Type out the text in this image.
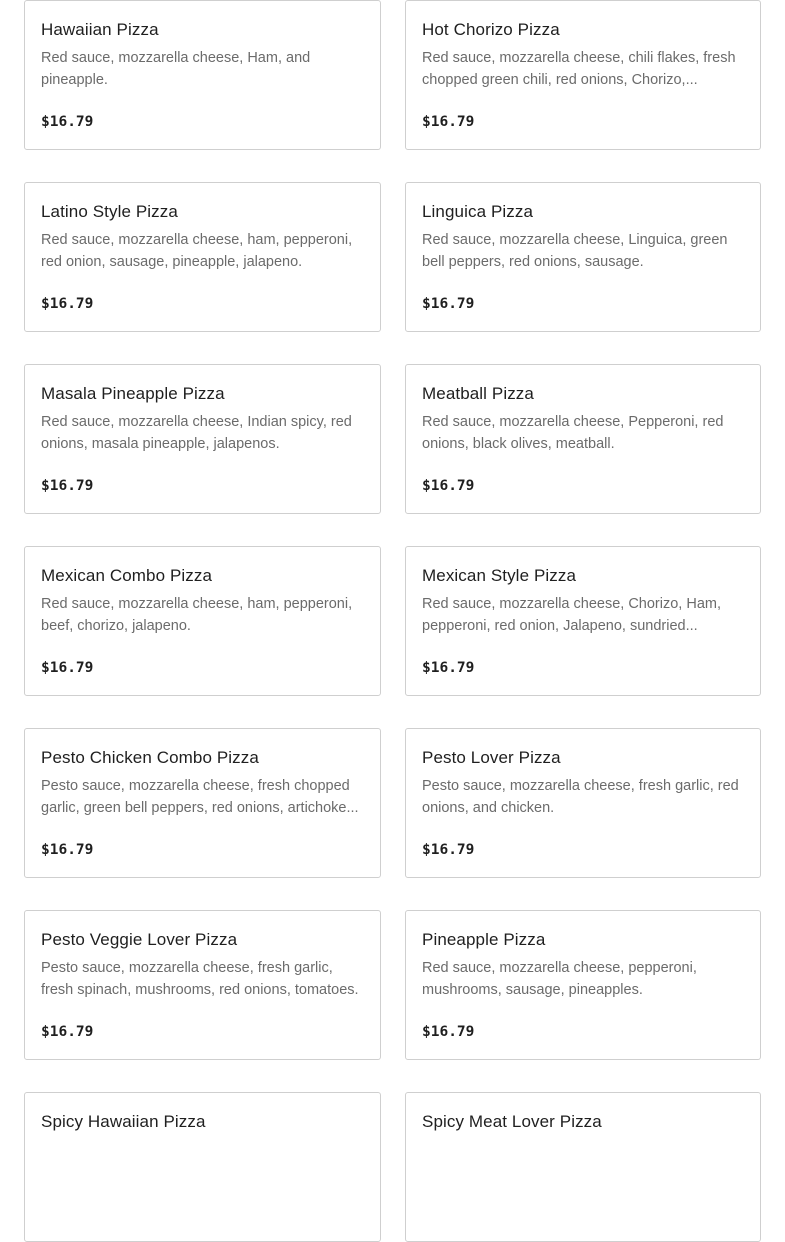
Hawaiian Pizza
Red sauce, mozzarella cheese, Ham, and pineapple.
$16.79
Hot Chorizo Pizza
Red sauce, mozzarella cheese, chili flakes, fresh chopped green chili, red onions, Chorizo,...
$16.79
Latino Style Pizza
Red sauce, mozzarella cheese, ham, pepperoni, red onion, sausage, pineapple, jalapeno.
$16.79
Linguica Pizza
Red sauce, mozzarella cheese, Linguica, green bell peppers, red onions, sausage.
$16.79
Masala Pineapple Pizza
Red sauce, mozzarella cheese, Indian spicy, red onions, masala pineapple, jalapenos.
$16.79
Meatball Pizza
Red sauce, mozzarella cheese, Pepperoni, red onions, black olives, meatball.
$16.79
Mexican Combo Pizza
Red sauce, mozzarella cheese, ham, pepperoni, beef, chorizo, jalapeno.
$16.79
Mexican Style Pizza
Red sauce, mozzarella cheese, Chorizo, Ham, pepperoni, red onion, Jalapeno, sundried...
$16.79
Pesto Chicken Combo Pizza
Pesto sauce, mozzarella cheese, fresh chopped garlic, green bell peppers, red onions, artichoke...
$16.79
Pesto Lover Pizza
Pesto sauce, mozzarella cheese, fresh garlic, red onions, and chicken.
$16.79
Pesto Veggie Lover Pizza
Pesto sauce, mozzarella cheese, fresh garlic, fresh spinach, mushrooms, red onions, tomatoes.
$16.79
Pineapple Pizza
Red sauce, mozzarella cheese, pepperoni, mushrooms, sausage, pineapples.
$16.79
Spicy Hawaiian Pizza	Spicy Meat Lover Pizza
